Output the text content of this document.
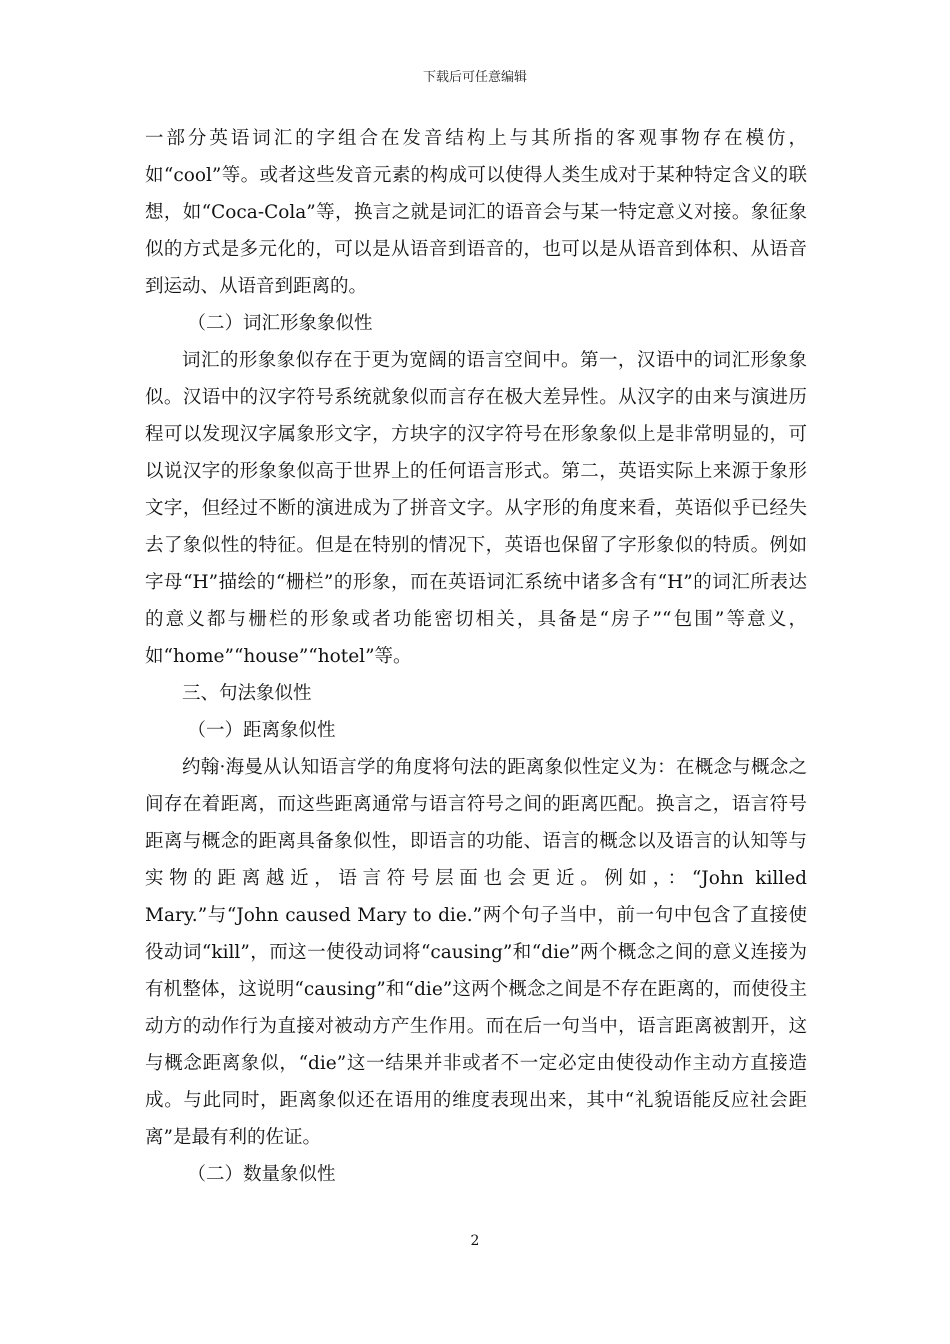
下载后可任意编辑

一部分英语词汇的字组合在发音结构上与其所指的客观事物存在模仿，如“cool”等。或者这些发音元素的构成可以使得人类生成对于某种特定含义的联想，如“Coca-Cola”等，换言之就是词汇的语音会与某一特定意义对接。象征象似的方式是多元化的，可以是从语音到语音的，也可以是从语音到体积、从语音到运动、从语音到距离的。

（二）词汇形象象似性

词汇的形象象似存在于更为宽阔的语言空间中。第一，汉语中的词汇形象象似。汉语中的汉字符号系统就象似而言存在极大差异性。从汉字的由来与演进历程可以发现汉字属象形文字，方块字的汉字符号在形象象似上是非常明显的，可以说汉字的形象象似高于世界上的任何语言形式。第二，英语实际上来源于象形文字，但经过不断的演进成为了拼音文字。从字形的角度来看，英语似乎已经失去了象似性的特征。但是在特别的情况下，英语也保留了字形象似的特质。例如字母“H”描绘的“栅栏”的形象，而在英语词汇系统中诸多含有“H”的词汇所表达的意义都与栅栏的形象或者功能密切相关，具备是“房子”“包围”等意义，如“home”“house”“hotel”等。

三、句法象似性

（一）距离象似性

约翰·海曼从认知语言学的角度将句法的距离象似性定义为：在概念与概念之间存在着距离，而这些距离通常与语言符号之间的距离匹配。换言之，语言符号距离与概念的距离具备象似性，即语言的功能、语言的概念以及语言的认知等与实物的距离越近，语言符号层面也会更近。例如，：“John killed Mary.”与“John caused Mary to die.”两个句子当中，前一句中包含了直接使役动词“kill”，而这一使役动词将“causing”和“die”两个概念之间的意义连接为有机整体，这说明“causing”和“die”这两个概念之间是不存在距离的，而使役主动方的动作行为直接对被动方产生作用。而在后一句当中，语言距离被割开，这与概念距离象似，“die”这一结果并非或者不一定必定由使役动作主动方直接造成。与此同时，距离象似还在语用的维度表现出来，其中“礼貌语能反应社会距离”是最有利的佐证。

（二）数量象似性

2
